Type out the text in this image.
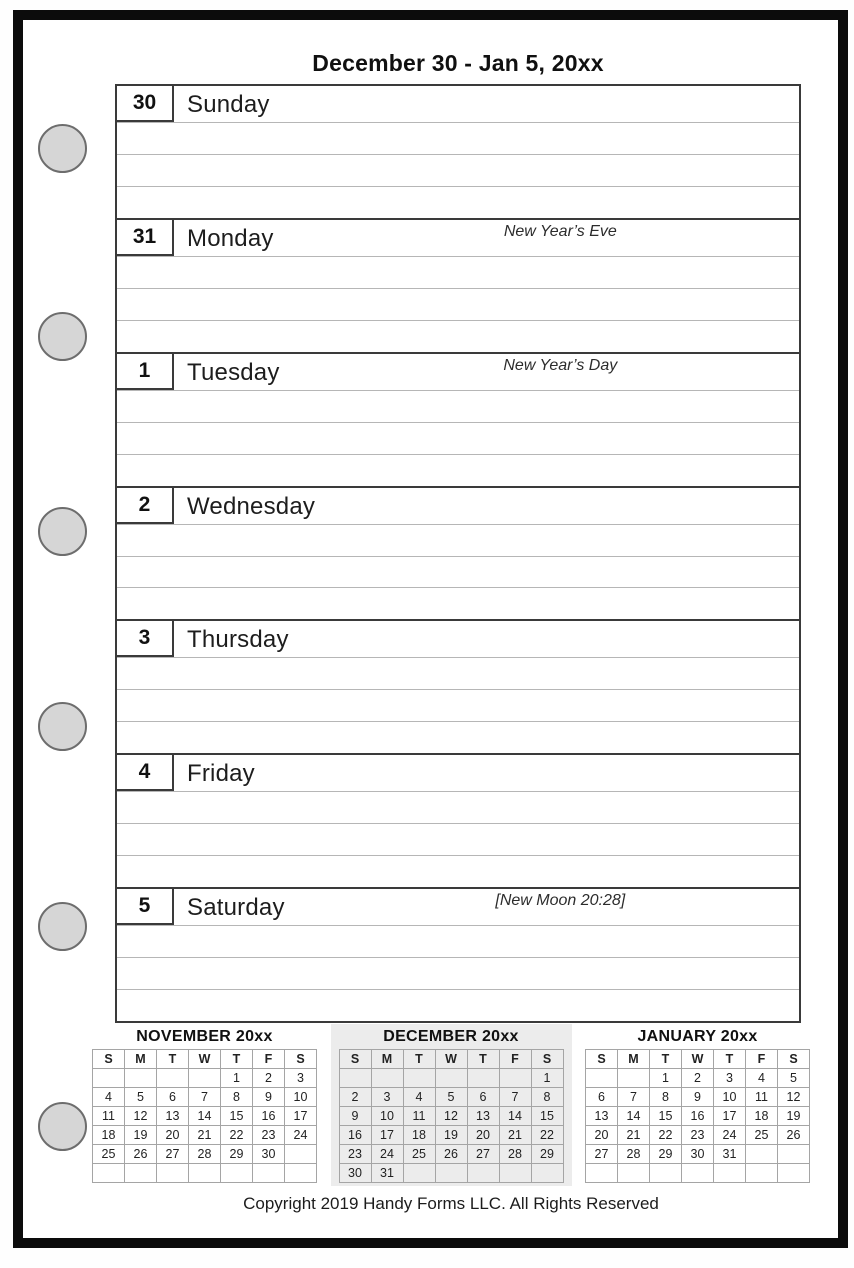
December 30 - Jan 5, 20xx
30	Sunday
31	Monday	New Year’s Eve
1	Tuesday	New Year’s Day
2	Wednesday
3	Thursday
4	Friday
5	Saturday	[New Moon 20:28]
NOVEMBER 20xx
S	M	T	W	T	F	S
				1	2	3
4	5	6	7	8	9	10
11	12	13	14	15	16	17
18	19	20	21	22	23	24
25	26	27	28	29	30	

DECEMBER 20xx
S	M	T	W	T	F	S
						1
2	3	4	5	6	7	8
9	10	11	12	13	14	15
16	17	18	19	20	21	22
23	24	25	26	27	28	29
30	31					
JANUARY 20xx
S	M	T	W	T	F	S
		1	2	3	4	5
6	7	8	9	10	11	12
13	14	15	16	17	18	19
20	21	22	23	24	25	26
27	28	29	30	31		

Copyright 2019 Handy Forms LLC. All Rights Reserved
